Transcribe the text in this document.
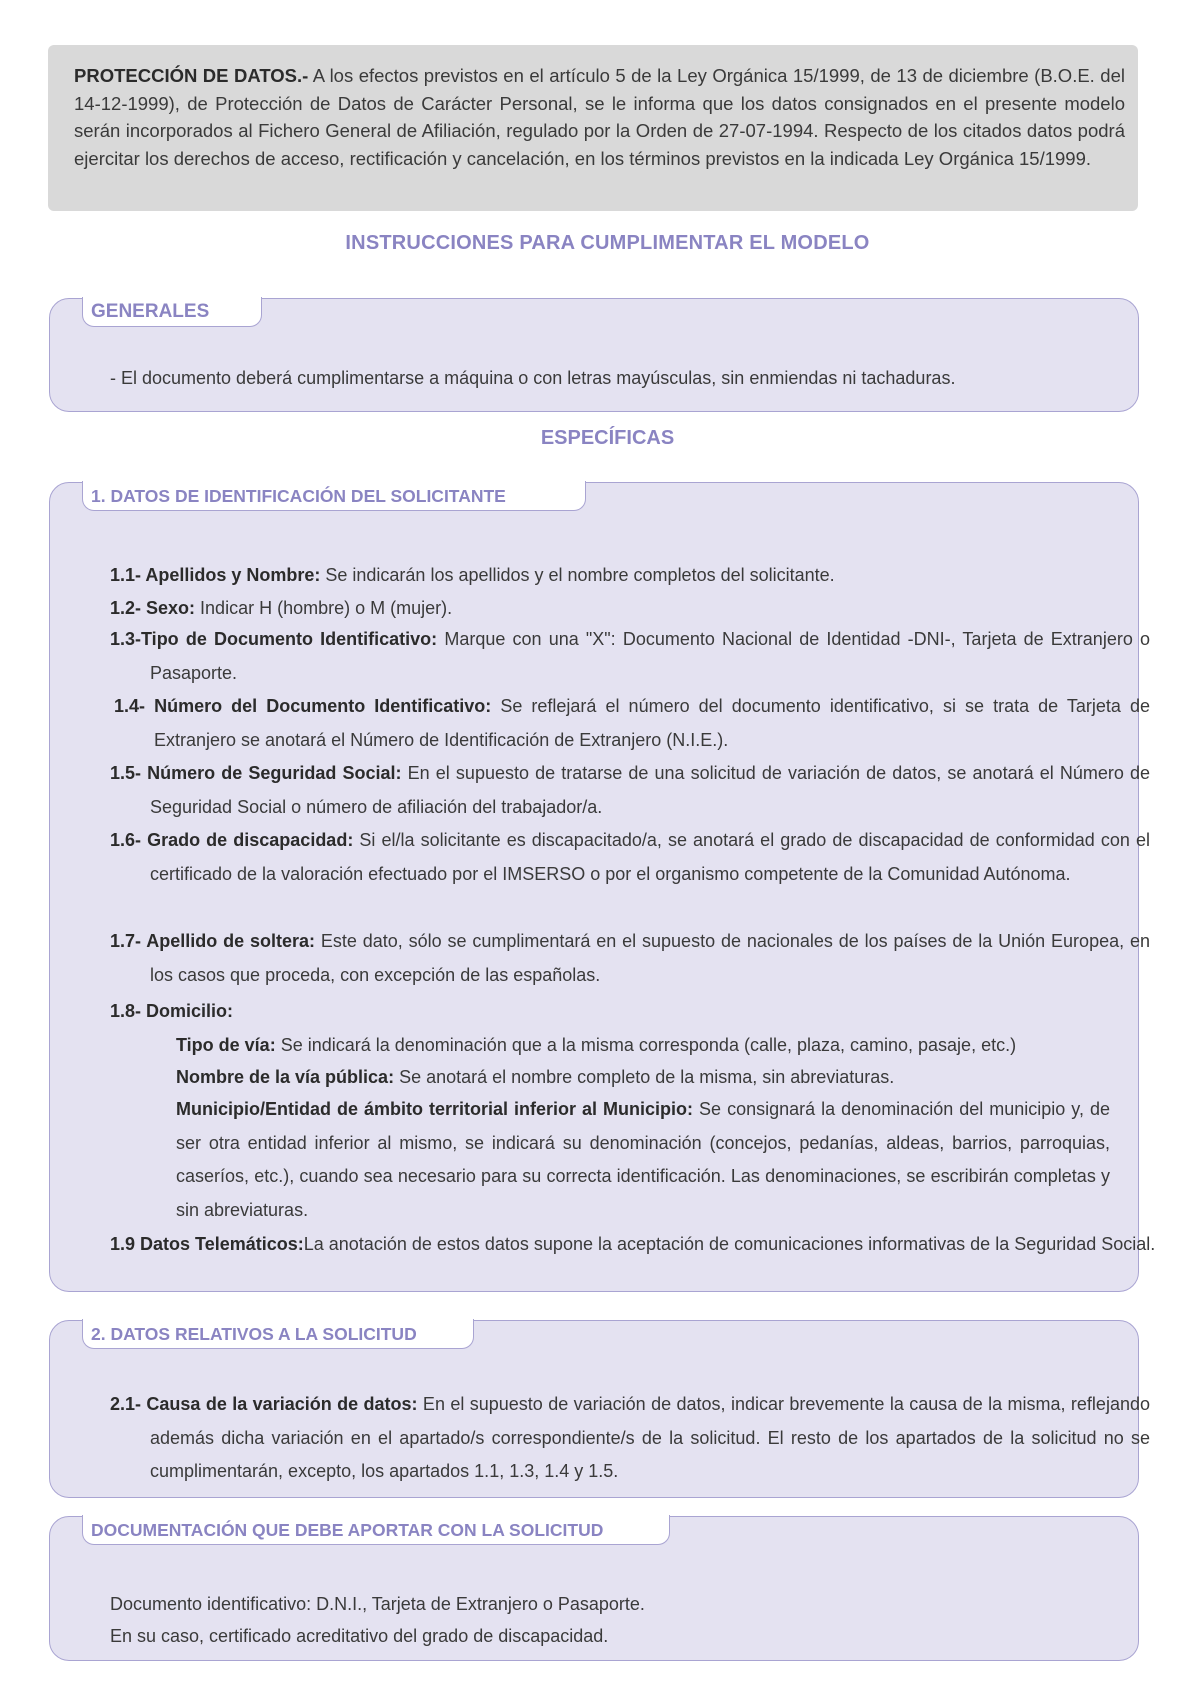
PROTECCIÓN DE DATOS.- A los efectos previstos en el artículo 5 de la Ley Orgánica 15/1999, de 13 de diciembre (B.O.E. del 14-12-1999), de Protección de Datos de Carácter Personal, se le informa que los datos consignados en el presente modelo serán incorporados al Fichero General de Afiliación, regulado por la Orden de 27-07-1994. Respecto de los citados datos podrá ejercitar los derechos de acceso, rectificación y cancelación, en los términos previstos en la indicada Ley Orgánica 15/1999.
INSTRUCCIONES PARA CUMPLIMENTAR EL MODELO
GENERALES
- El documento deberá cumplimentarse a máquina o con letras mayúsculas, sin enmiendas ni tachaduras.
ESPECÍFICAS
1. DATOS DE IDENTIFICACIÓN DEL SOLICITANTE
1.1- Apellidos y Nombre: Se indicarán los apellidos y el nombre completos del solicitante.
1.2- Sexo: Indicar H (hombre) o M (mujer).
1.3-Tipo de Documento Identificativo: Marque con una "X": Documento Nacional de Identidad -DNI-, Tarjeta de Extranjero o Pasaporte.
1.4- Número del Documento Identificativo: Se reflejará el número del documento identificativo, si se trata de Tarjeta de Extranjero se anotará el Número de Identificación de Extranjero (N.I.E.).
1.5- Número de Seguridad Social: En el supuesto de tratarse de una solicitud de variación de datos, se anotará el Número de Seguridad Social o número de afiliación del trabajador/a.
1.6- Grado de discapacidad: Si el/la solicitante es discapacitado/a, se anotará el grado de discapacidad de conformidad con el certificado de la valoración efectuado por el IMSERSO o por el organismo competente de la Comunidad Autónoma.
1.7- Apellido de soltera: Este dato, sólo se cumplimentará en el supuesto de nacionales de los países de la Unión Europea, en los casos que proceda, con excepción de las españolas.
1.8- Domicilio:
Tipo de vía: Se indicará la denominación que a la misma corresponda (calle, plaza, camino, pasaje, etc.)
Nombre de la vía pública: Se anotará el nombre completo de la misma, sin abreviaturas.
Municipio/Entidad de ámbito territorial inferior al Municipio: Se consignará la denominación del municipio y, de ser otra entidad inferior al mismo, se indicará su denominación (concejos, pedanías, aldeas, barrios, parroquias, caseríos, etc.), cuando sea necesario para su correcta identificación. Las denominaciones, se escribirán completas y sin abreviaturas.
1.9 Datos Telemáticos:La anotación de estos datos supone la aceptación de comunicaciones informativas de la Seguridad Social.
2. DATOS RELATIVOS A LA SOLICITUD
2.1- Causa de la variación de datos: En el supuesto de variación de datos, indicar brevemente la causa de la misma, reflejando además dicha variación en el apartado/s correspondiente/s de la solicitud. El resto de los apartados de la solicitud no se cumplimentarán, excepto, los apartados 1.1, 1.3, 1.4 y 1.5.
DOCUMENTACIÓN QUE DEBE APORTAR CON LA SOLICITUD
Documento identificativo: D.N.I., Tarjeta de Extranjero o Pasaporte.
En su caso, certificado acreditativo del grado de discapacidad.
